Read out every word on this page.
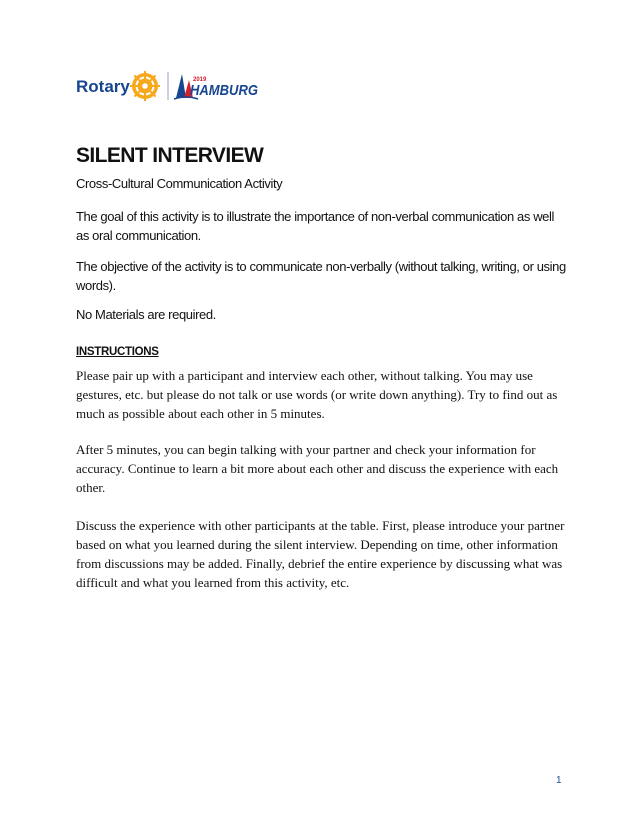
Rotary	2019
HAMBURG
SILENT INTERVIEW

Cross-Cultural Communication Activity

The goal of this activity is to illustrate the importance of non-verbal communication as well as oral communication.

The objective of the activity is to communicate non-verbally (without talking, writing, or using words).

No Materials are required.

INSTRUCTIONS

Please pair up with a participant and interview each other, without talking. You may use gestures, etc. but please do not talk or use words (or write down anything). Try to find out as much as possible about each other in 5 minutes.

After 5 minutes, you can begin talking with your partner and check your information for accuracy. Continue to learn a bit more about each other and discuss the experience with each other.

Discuss the experience with other participants at the table. First, please introduce your partner based on what you learned during the silent interview. Depending on time, other information from discussions may be added. Finally, debrief the entire experience by discussing what was difficult and what you learned from this activity, etc.

1
